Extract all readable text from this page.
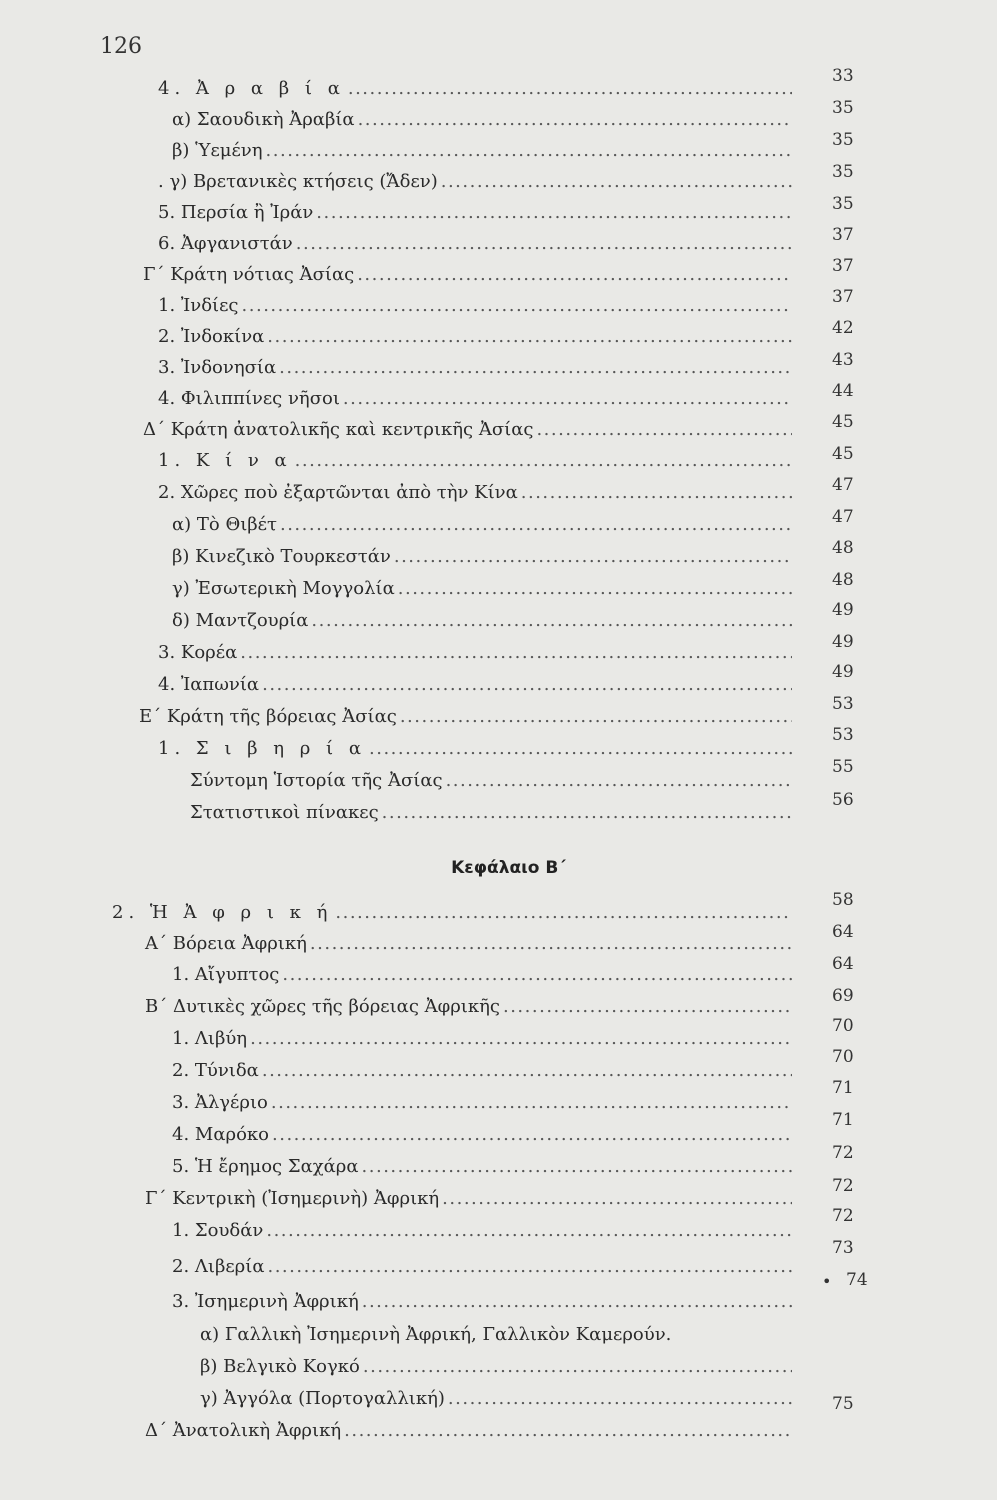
126
4. Ἀ ρ α β ί α
.....
α) Σαουδικὴ Ἀραβία
.....
β) Ὑεμένη
.....
. γ) Βρετανικὲς κτήσεις (Ἄδεν)
.....
5. Περσία ἢ Ἰράν
.....
6. Ἀφγανιστάν
.....
Γ΄ Κράτη νότιας Ἀσίας
.....
1. Ἰνδίες
.....
2. Ἰνδοκίνα
.....
3. Ἰνδονησία
.....
4. Φιλιππίνες νῆσοι
.....
Δ΄ Κράτη ἀνατολικῆς καὶ κεντρικῆς Ἀσίας
.....
1. Κ ί ν α
.....
2. Χῶρες ποὺ ἐξαρτῶνται ἀπὸ τὴν Κίνα
.....
α) Τὸ Θιβέτ
.....
β) Κινεζικὸ Τουρκεστάν
.....
γ) Ἐσωτερικὴ Μογγολία
.....
δ) Μαντζουρία
.....
3. Κορέα
.....
4. Ἰαπωνία
.....
Ε΄ Κράτη τῆς βόρειας Ἀσίας
.....
1. Σ ι β η ρ ί α
.....
Σύντομη Ἱστορία τῆς Ἀσίας
.....
Στατιστικοὶ πίνακες
.....
Κεφάλαιο Β΄
2. Ἡ Ἀ φ ρ ι κ ή
.....
Α΄ Βόρεια Ἀφρική
.....
1. Αἴγυπτος
.....
Β΄ Δυτικὲς χῶρες τῆς βόρειας Ἀφρικῆς
.....
1. Λιβύη
.....
2. Τύνιδα
.....
3. Ἀλγέριο
.....
4. Μαρόκο
.....
5. Ἡ ἔρημος Σαχάρα
.....
Γ΄ Κεντρικὴ (Ἰσημερινὴ) Ἀφρική
.....
1. Σουδάν
.....
2. Λιβερία
.....
3. Ἰσημερινὴ Ἀφρική
.....
α) Γαλλικὴ Ἰσημερινὴ Ἀφρική, Γαλλικὸν Καμερούν.
β) Βελγικὸ Κογκό
.....
γ) Ἀγγόλα (Πορτογαλλική)
.....
Δ΄ Ἀνατολικὴ Ἀφρική
.....
33
35
35
35
35
37
37
37
42
43
44
45
45
47
47
48
48
49
49
49
53
53
55
56
58
64
64
69
70
70
71
71
72
72
72
73
74
75
•
